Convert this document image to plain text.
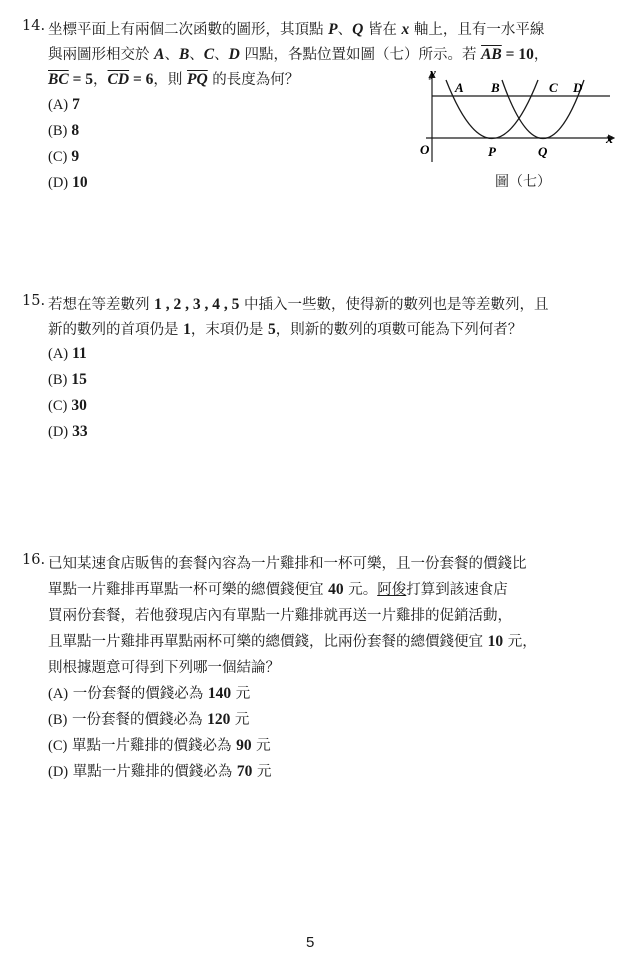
14. 坐標平面上有兩個二次函數的圖形，其頂點 P、Q 皆在 x 軸上，且有一水平線
與兩圖形相交於 A、B、C、D 四點，各點位置如圖（七）所示。若 $\overline{AB} = 10$，
$\overline{BC} = 5$，$\overline{CD} = 6$，則 $\overline{PQ}$ 的長度為何？
(A) 7
(B) 8
(C) 9
(D) 10
y
x
O
A B	C D
P	Q
圖（七）
15. 若想在等差數列 1 , 2 , 3 , 4 , 5 中插入一些數，使得新的數列也是等差數列，且
新的數列的首項仍是 1，末項仍是 5，則新的數列的項數可能為下列何者？
(A) 11
(B) 15
(C) 30
(D) 33
16. 已知某速食店販售的套餐內容為一片雞排和一杯可樂，且一份套餐的價錢比
單點一片雞排再單點一杯可樂的總價錢便宜 40 元。阿俊打算到該速食店
買兩份套餐，若他發現店內有單點一片雞排就再送一片雞排的促銷活動，
且單點一片雞排再單點兩杯可樂的總價錢，比兩份套餐的總價錢便宜 10 元，
則根據題意可得到下列哪一個結論？
(A) 一份套餐的價錢必為 140 元
(B) 一份套餐的價錢必為 120 元
(C) 單點一片雞排的價錢必為 90 元
(D) 單點一片雞排的價錢必為 70 元
5
